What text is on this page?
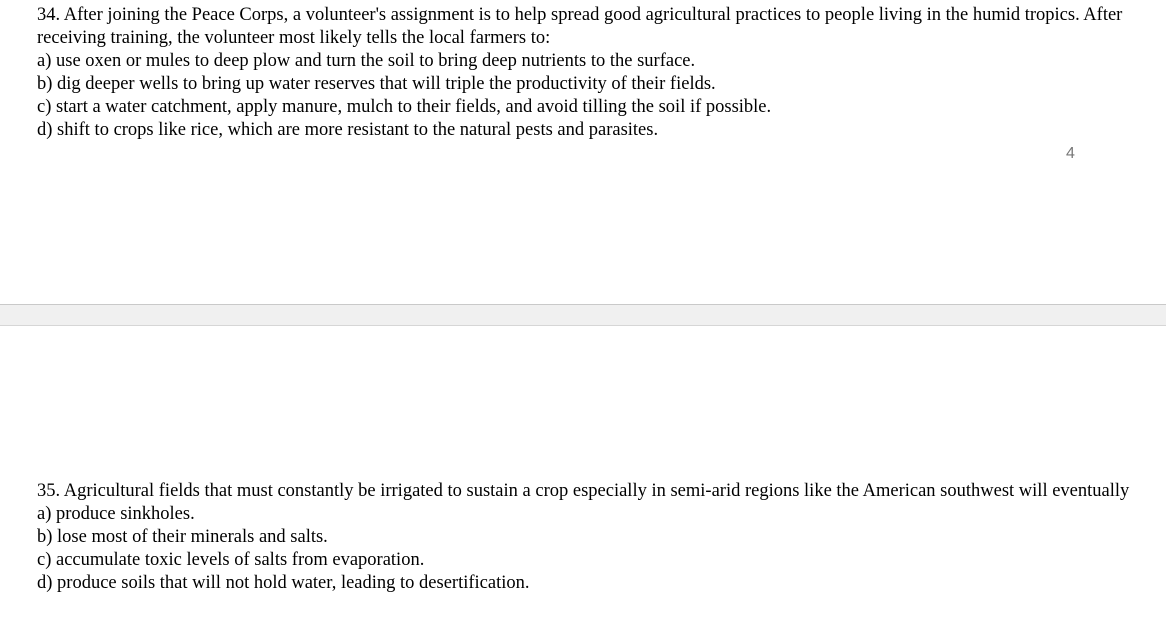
34. After joining the Peace Corps, a volunteer's assignment is to help spread good agricultural practices to people living in the humid tropics. After receiving training, the volunteer most likely tells the local farmers to:

a) use oxen or mules to deep plow and turn the soil to bring deep nutrients to the surface.

b) dig deeper wells to bring up water reserves that will triple the productivity of their fields.

c) start a water catchment, apply manure, mulch to their fields, and avoid tilling the soil if possible.

d) shift to crops like rice, which are more resistant to the natural pests and parasites.

4

35. Agricultural fields that must constantly be irrigated to sustain a crop especially in semi-arid regions like the American southwest will eventually

a) produce sinkholes.

b) lose most of their minerals and salts.

c) accumulate toxic levels of salts from evaporation.

d) produce soils that will not hold water, leading to desertification.
